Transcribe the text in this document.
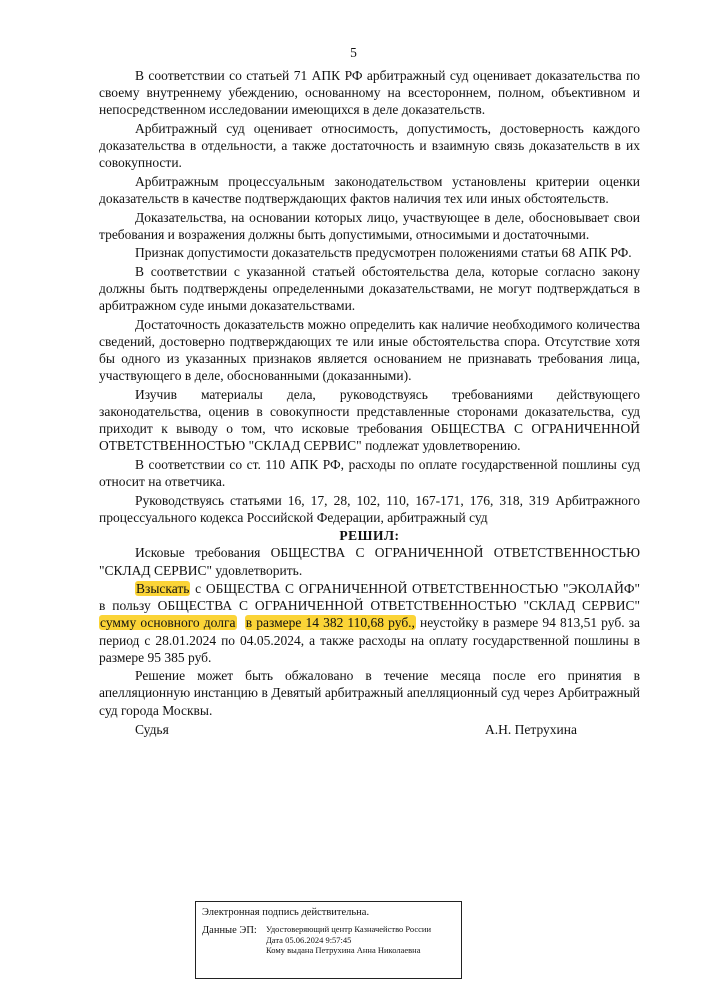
5

В соответствии со статьей 71 АПК РФ арбитражный суд оценивает доказательства по своему внутреннему убеждению, основанному на всестороннем, полном, объективном и непосредственном исследовании имеющихся в деле доказательств.

Арбитражный суд оценивает относимость, допустимость, достоверность каждого доказательства в отдельности, а также достаточность и взаимную связь доказательств в их совокупности.

Арбитражным процессуальным законодательством установлены критерии оценки доказательств в качестве подтверждающих фактов наличия тех или иных обстоятельств.

Доказательства, на основании которых лицо, участвующее в деле, обосновывает свои требования и возражения должны быть допустимыми, относимыми и достаточными.

Признак допустимости доказательств предусмотрен положениями статьи 68 АПК РФ.

В соответствии с указанной статьей обстоятельства дела, которые согласно закону должны быть подтверждены определенными доказательствами, не могут подтверждаться в арбитражном суде иными доказательствами.

Достаточность доказательств можно определить как наличие необходимого количества сведений, достоверно подтверждающих те или иные обстоятельства спора. Отсутствие хотя бы одного из указанных признаков является основанием не признавать требования лица, участвующего в деле, обоснованными (доказанными).

Изучив материалы дела, руководствуясь требованиями действующего законодательства, оценив в совокупности представленные сторонами доказательства, суд приходит к выводу о том, что исковые требования ОБЩЕСТВА С ОГРАНИЧЕННОЙ ОТВЕТСТВЕННОСТЬЮ "СКЛАД СЕРВИС" подлежат удовлетворению.

В соответствии со ст. 110 АПК РФ, расходы по оплате государственной пошлины суд относит на ответчика.

Руководствуясь статьями 16, 17, 28, 102, 110, 167-171, 176, 318, 319 Арбитражного процессуального кодекса Российской Федерации, арбитражный суд

РЕШИЛ:

Исковые требования ОБЩЕСТВА С ОГРАНИЧЕННОЙ ОТВЕТСТВЕННОСТЬЮ "СКЛАД СЕРВИС" удовлетворить.

Взыскать с ОБЩЕСТВА С ОГРАНИЧЕННОЙ ОТВЕТСТВЕННОСТЬЮ "ЭКОЛАЙФ" в пользу ОБЩЕСТВА С ОГРАНИЧЕННОЙ ОТВЕТСТВЕННОСТЬЮ "СКЛАД СЕРВИС" сумму основного долга в размере 14 382 110,68 руб., неустойку в размере 94 813,51 руб. за период с 28.01.2024 по 04.05.2024, а также расходы на оплату государственной пошлины в размере 95 385 руб.

Решение может быть обжаловано в течение месяца после его принятия в апелляционную инстанцию в Девятый арбитражный апелляционный суд через Арбитражный суд города Москвы.

Судья	А.Н. Петрухина

Электронная подпись действительна.

Данные ЭП:	Удостоверяющий центр Казначейство России
Дата 05.06.2024 9:57:45
Кому выдана Петрухина Анна Николаевна
